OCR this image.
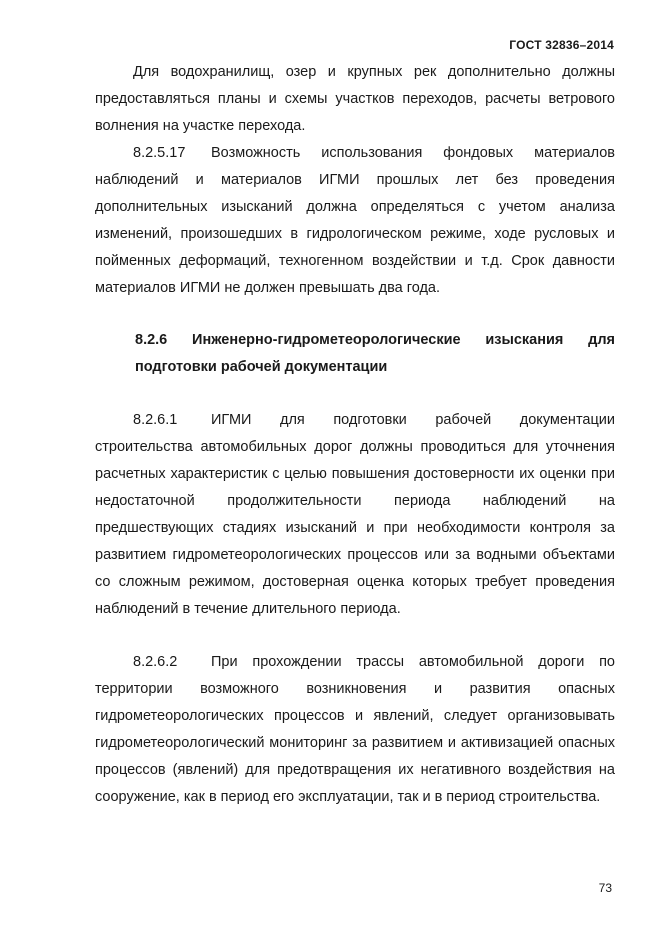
ГОСТ 32836–2014

Для водохранилищ, озер и крупных рек дополнительно должны предоставляться планы и схемы участков переходов, расчеты ветрового волнения на участке перехода.

8.2.5.17 Возможность использования фондовых материалов наблюдений и материалов ИГМИ прошлых лет без проведения дополнительных изысканий должна определяться с учетом анализа изменений, произошедших в гидрологическом режиме, ходе русловых и пойменных деформаций, техногенном воздействии и т.д. Срок давности материалов ИГМИ не должен превышать два года.

8.2.6 Инженерно-гидрометеорологические изыскания для подготовки рабочей документации

8.2.6.1 ИГМИ для подготовки рабочей документации строительства автомобильных дорог должны проводиться для уточнения расчетных характеристик с целью повышения достоверности их оценки при недостаточной продолжительности периода наблюдений на предшествующих стадиях изысканий и при необходимости контроля за развитием гидрометеорологических процессов или за водными объектами со сложным режимом, достоверная оценка которых требует проведения наблюдений в течение длительного периода.

8.2.6.2 При прохождении трассы автомобильной дороги по территории возможного возникновения и развития опасных гидрометеорологических процессов и явлений, следует организовывать гидрометеорологический мониторинг за развитием и активизацией опасных процессов (явлений) для предотвращения их негативного воздействия на сооружение, как в период его эксплуатации, так и в период строительства.

73
